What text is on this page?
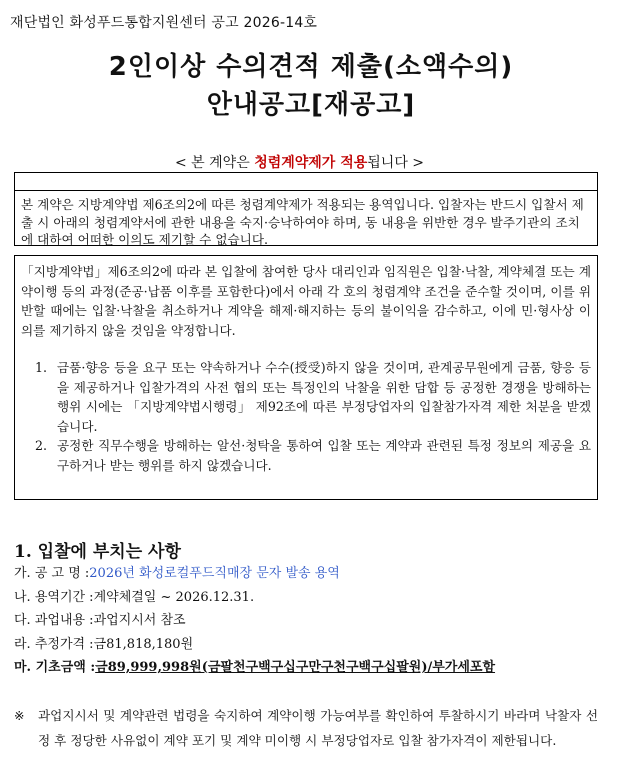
재단법인 화성푸드통합지원센터 공고 2026-14호
2인이상 수의견적 제출(소액수의)
안내공고[재공고]
본 계약은 지방계약법 제6조의2에 따른 청렴계약제가 적용되는 용역입니다. 입찰자는 반드시 입찰서 제출 시 아래의 청렴계약서에 관한 내용을 숙지·승낙하여야 하며, 동 내용을 위반한 경우 발주기관의 조치에 대하여 어떠한 이의도 제기할 수 없습니다.
< 본 계약은 청렴계약제가 적용됩니다 >

「지방계약법」제6조의2에 따라 본 입찰에 참여한 당사 대리인과 임직원은 입찰·낙찰, 계약체결 또는 계약이행 등의 과정(준공·납품 이후를 포함한다)에서 아래 각 호의 청렴계약 조건을 준수할 것이며, 이를 위반할 때에는 입찰·낙찰을 취소하거나 계약을 해제·해지하는 등의 불이익을 감수하고, 이에 민·형사상 이의를 제기하지 않을 것임을 약정합니다.

1. 금품·향응 등을 요구 또는 약속하거나 수수(授受)하지 않을 것이며, 관계공무원에게 금품, 향응 등을 제공하거나 입찰가격의 사전 협의 또는 특정인의 낙찰을 위한 담합 등 공정한 경쟁을 방해하는 행위 시에는 「지방계약법시행령」 제92조에 따른 부정당업자의 입찰참가자격 제한 처분을 받겠습니다.
2. 공정한 직무수행을 방해하는 알선·청탁을 통하여 입찰 또는 계약과 관련된 특정 정보의 제공을 요구하거나 받는 행위를 하지 않겠습니다.
1. 입찰에 부치는 사항
가. 공 고 명 :2026년 화성로컬푸드직매장 문자 발송 용역
나. 용역기간 :계약체결일 ~ 2026.12.31.
다. 과업내용 :과업지시서 참조
라. 추정가격 :금81,818,180원
마. 기초금액 :금89,999,998원(금팔천구백구십구만구천구백구십팔원)/부가세포함
※	과업지시서 및 계약관련 법령을 숙지하여 계약이행 가능여부를 확인하여 투찰하시기 바라며 낙찰자 선정 후 정당한 사유없이 계약 포기 및 계약 미이행 시 부정당업자로 입찰 참가자격이 제한됩니다.
